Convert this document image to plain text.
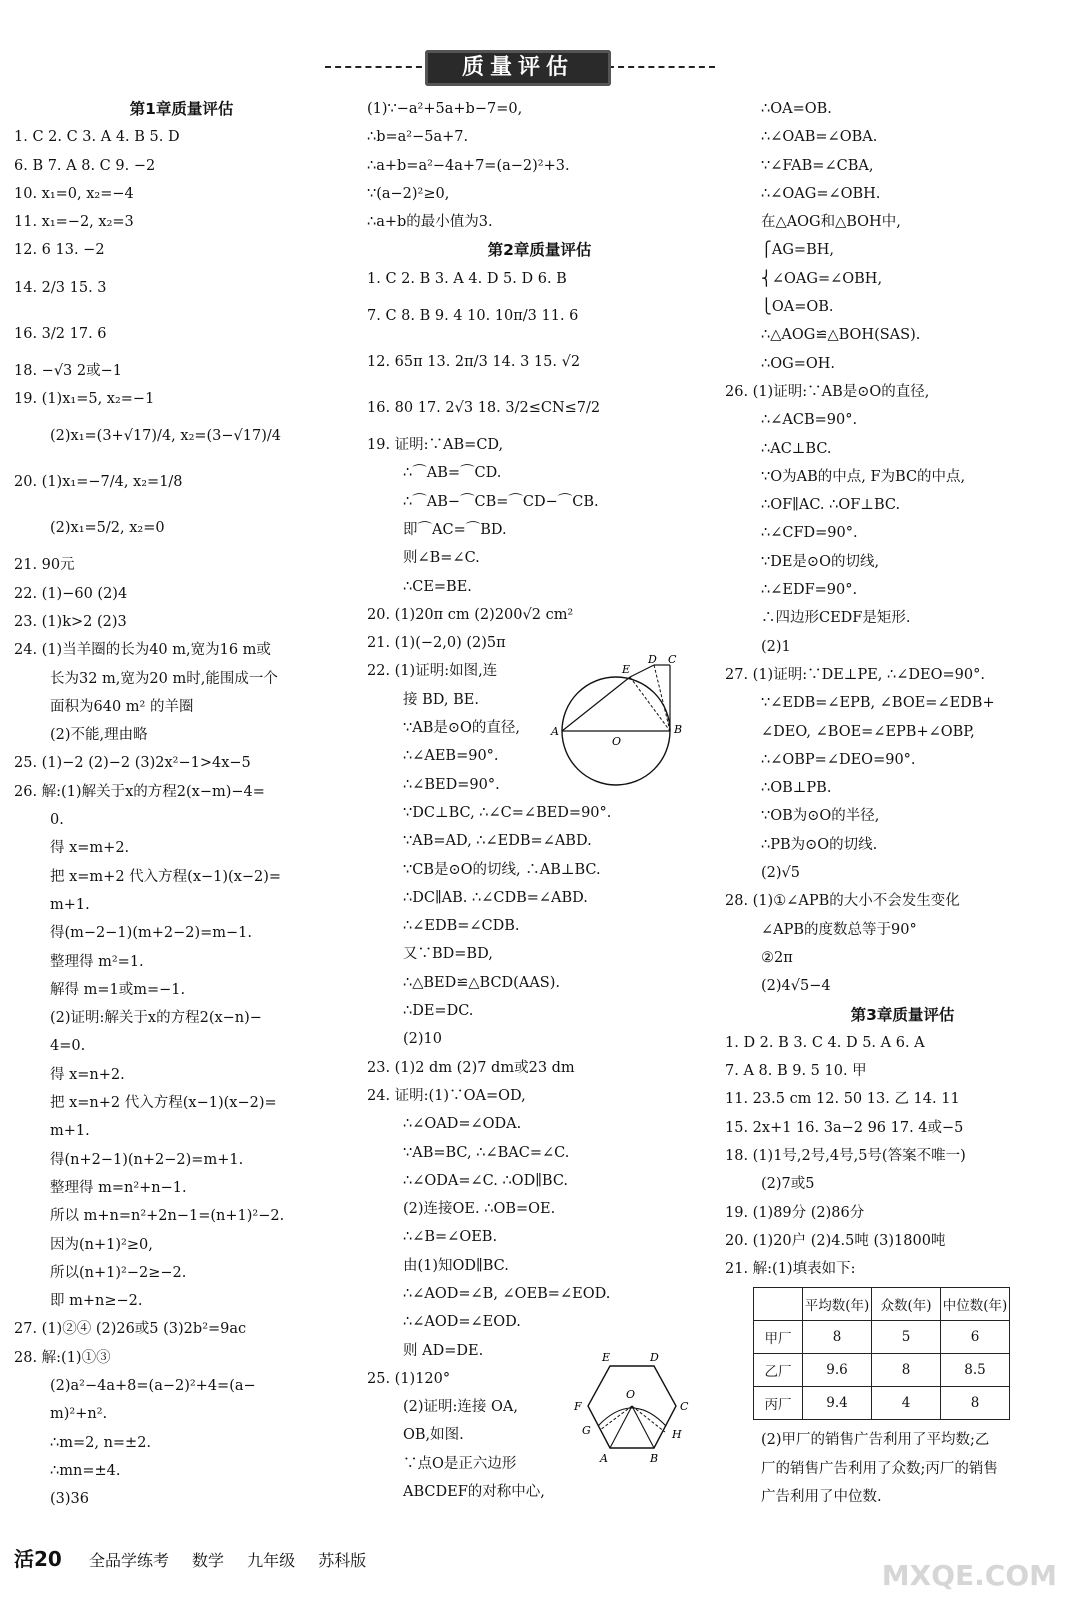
质量评估
第1章质量评估
1. C 2. C 3. A 4. B 5. D
6. B 7. A 8. C 9. −2
10. x₁=0, x₂=−4
11. x₁=−2, x₂=3
12. 6 13. −2
14. 2/3 15. 3
16. 3/2 17. 6
18. −√3 2或−1
19. (1)x₁=5, x₂=−1
(2)x₁=(3+√17)/4, x₂=(3−√17)/4
20. (1)x₁=−7/4, x₂=1/8
(2)x₁=5/2, x₂=0
21. 90元
22. (1)−60 (2)4
23. (1)k>2 (2)3
24. (1)当羊圈的长为40 m,宽为16 m或
长为32 m,宽为20 m时,能围成一个
面积为640 m² 的羊圈
(2)不能,理由略
25. (1)−2 (2)−2 (3)2x²−1>4x−5
26. 解:(1)解关于x的方程2(x−m)−4=
0.
得 x=m+2.
把 x=m+2 代入方程(x−1)(x−2)=
m+1.
得(m−2−1)(m+2−2)=m−1.
整理得 m²=1.
解得 m=1或m=−1.
(2)证明:解关于x的方程2(x−n)−
4=0.
得 x=n+2.
把 x=n+2 代入方程(x−1)(x−2)=
m+1.
得(n+2−1)(n+2−2)=m+1.
整理得 m=n²+n−1.
所以 m+n=n²+2n−1=(n+1)²−2.
因为(n+1)²≥0,
所以(n+1)²−2≥−2.
即 m+n≥−2.
27. (1)②④ (2)26或5 (3)2b²=9ac
28. 解:(1)①③
(2)a²−4a+8=(a−2)²+4=(a−
m)²+n².
∴m=2, n=±2.
∴mn=±4.
(3)36
(1)∵−a²+5a+b−7=0,
∴b=a²−5a+7.
∴a+b=a²−4a+7=(a−2)²+3.
∵(a−2)²≥0,
∴a+b的最小值为3.
第2章质量评估
1. C 2. B 3. A 4. D 5. D 6. B
7. C 8. B 9. 4 10. 10π/3 11. 6
12. 65π 13. 2π/3 14. 3 15. √2
16. 80 17. 2√3 18. 3/2≤CN≤7/2
19. 证明:∵AB=CD,
∴⌒AB=⌒CD.
∴⌒AB−⌒CB=⌒CD−⌒CB.
即⌒AC=⌒BD.
则∠B=∠C.
∴CE=BE.
20. (1)20π cm (2)200√2 cm²
21. (1)(−2,0) (2)5π
22. (1)证明:如图,连
接 BD, BE.
∵AB是⊙O的直径,
∴∠AEB=90°.
∴∠BED=90°.
∵DC⊥BC, ∴∠C=∠BED=90°.
∵AB=AD, ∴∠EDB=∠ABD.
∵CB是⊙O的切线, ∴AB⊥BC.
∴DC∥AB. ∴∠CDB=∠ABD.
∴∠EDB=∠CDB.
又∵BD=BD,
∴△BED≌△BCD(AAS).
∴DE=DC.
(2)10
23. (1)2 dm (2)7 dm或23 dm
24. 证明:(1)∵OA=OD,
∴∠OAD=∠ODA.
∵AB=BC, ∴∠BAC=∠C.
∴∠ODA=∠C. ∴OD∥BC.
(2)连接OE. ∴OB=OE.
∴∠B=∠OEB.
由(1)知OD∥BC.
∴∠AOD=∠B, ∠OEB=∠EOD.
∴∠AOD=∠EOD.
则 AD=DE.
25. (1)120°
(2)证明:连接 OA,
OB,如图.
∵点O是正六边形
ABCDEF的对称中心,
∴OA=OB.
∴∠OAB=∠OBA.
∵∠FAB=∠CBA,
∴∠OAG=∠OBH.
在△AOG和△BOH中,
⎧AG=BH,
⎨∠OAG=∠OBH,
⎩OA=OB.
∴△AOG≌△BOH(SAS).
∴OG=OH.
26. (1)证明:∵AB是⊙O的直径,
∴∠ACB=90°.
∴AC⊥BC.
∵O为AB的中点, F为BC的中点,
∴OF∥AC. ∴OF⊥BC.
∴∠CFD=90°.
∵DE是⊙O的切线,
∴∠EDF=90°.
∴四边形CEDF是矩形.
(2)1
27. (1)证明:∵DE⊥PE, ∴∠DEO=90°.
∵∠EDB=∠EPB, ∠BOE=∠EDB+
∠DEO, ∠BOE=∠EPB+∠OBP,
∴∠OBP=∠DEO=90°.
∴OB⊥PB.
∵OB为⊙O的半径,
∴PB为⊙O的切线.
(2)√5
28. (1)①∠APB的大小不会发生变化
∠APB的度数总等于90°
②2π
(2)4√5−4
第3章质量评估
1. D 2. B 3. C 4. D 5. A 6. A
7. A 8. B 9. 5 10. 甲
11. 23.5 cm 12. 50 13. 乙 14. 11
15. 2x+1 16. 3a−2 96 17. 4或−5
18. (1)1号,2号,4号,5号(答案不唯一)
(2)7或5
19. (1)89分 (2)86分
20. (1)20户 (2)4.5吨 (3)1800吨
21. 解:(1)填表如下:
	平均数(年)	众数(年)	中位数(年)
甲厂	8	5	6
乙厂	9.6	8	8.5
丙厂	9.4	4	8
(2)甲厂的销售广告利用了平均数;乙
厂的销售广告利用了众数;丙厂的销售
广告利用了中位数.
D C
E
A
O
B
E	D
F
O
C
G	H
A	B
活20 全品学练考 数学 九年级 苏科版	MXQE.COM
